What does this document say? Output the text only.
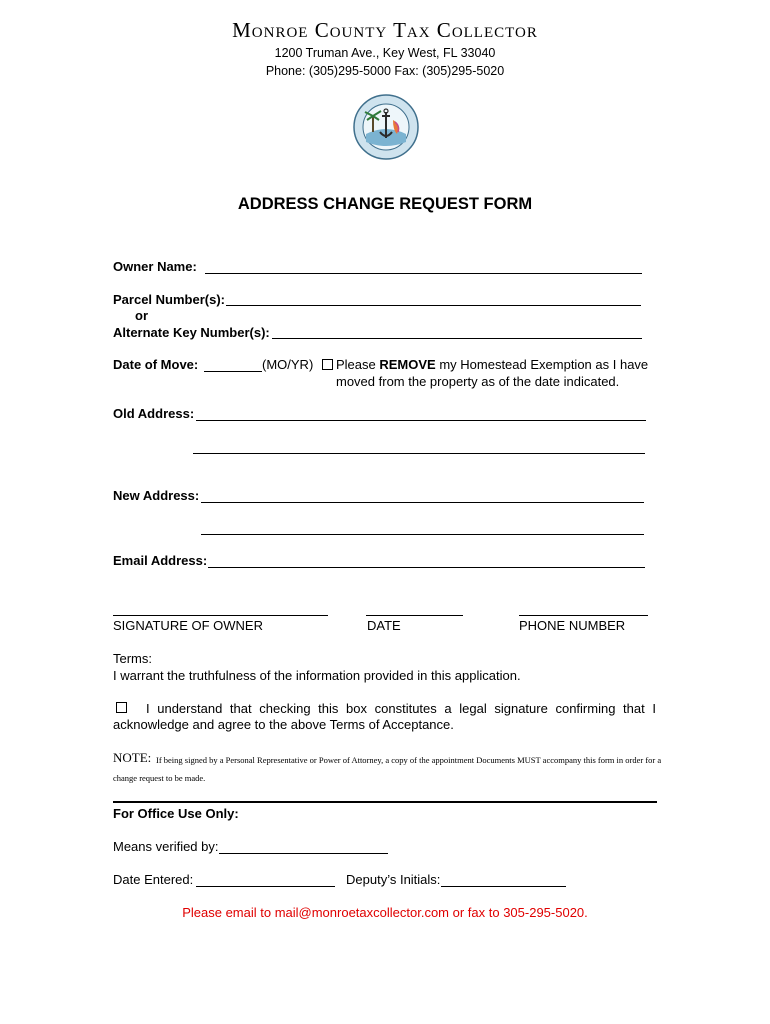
Monroe County Tax Collector
1200 Truman Ave., Key West, FL 33040
Phone: (305)295-5000 Fax: (305)295-5020
ADDRESS CHANGE REQUEST FORM
Owner Name:
Parcel Number(s):
or
Alternate Key Number(s):
Date of Move:	(MO/YR) Please REMOVE my Homestead Exemption as I have
moved from the property as of the date indicated.
Old Address:
New Address:
Email Address:
SIGNATURE OF OWNER	DATE	PHONE NUMBER
Terms:
I warrant the truthfulness of the information provided in this application.
I understand that checking this box constitutes a legal signature confirming that I
acknowledge and agree to the above Terms of Acceptance.
NOTE: If being signed by a Personal Representative or Power of Attorney, a copy of the appointment Documents MUST accompany this form in order for a
change request to be made.
For Office Use Only:
Means verified by:
Date Entered:	Deputy’s Initials:
Please email to mail@monroetaxcollector.com or fax to 305-295-5020.
